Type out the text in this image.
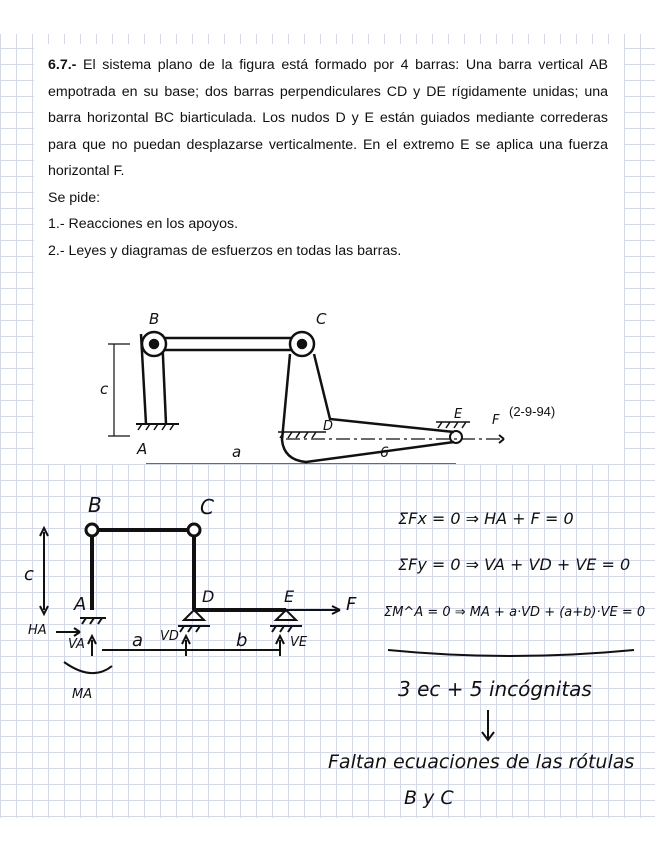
6.7.- El sistema plano de la figura está formado por 4 barras: Una barra vertical AB empotrada en su base; dos barras perpendiculares CD y DE rígidamente unidas; una barra horizontal BC biarticulada. Los nudos D y E están guiados mediante correderas para que no puedan desplazarse verticalmente. En el extremo E se aplica una fuerza horizontal F.

Se pide:

1.- Reacciones en los apoyos.

2.- Leyes y diagramas de esfuerzos en todas las barras.

B	C
A
D
E F
c
a	6
(2-9-94)
B	C
A	D	E	F
c
a	b
HA
VA
VD	VE
MA
ΣFx = 0 ⇒ HA + F = 0
ΣFy = 0 ⇒ VA + VD + VE = 0
ΣM^A = 0 ⇒ MA + a·VD + (a+b)·VE = 0
3 ec + 5 incógnitas
Faltan ecuaciones de las rótulas
B y C
